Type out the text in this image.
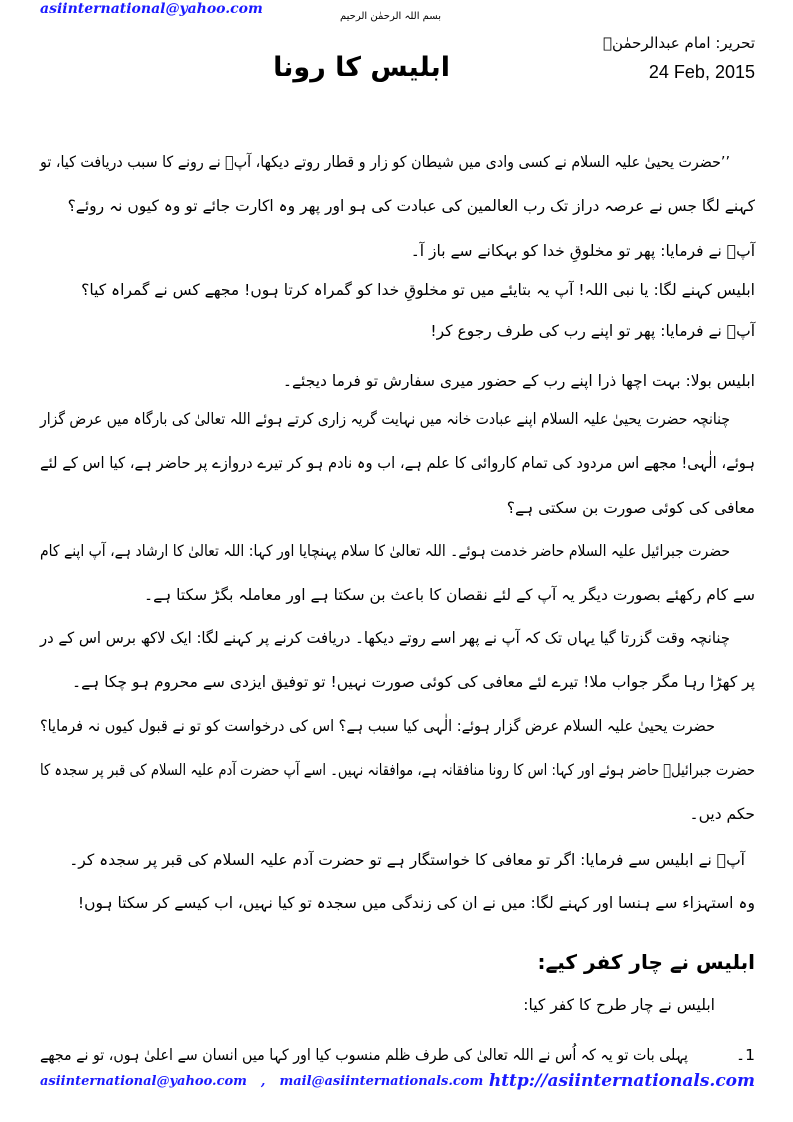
asiinternational@yahoo.com	بسم اللہ الرحمٰن الرحیم
ابلیس کا رونا
تحریر: امام عبدالرحمٰنؒ
24 Feb, 2015
’’حضرت یحییٰ علیہ السلام نے کسی وادی میں شیطان کو زار و قطار روتے دیکھا، آپؑ نے رونے کا سبب دریافت کیا، تو
کہنے لگا جس نے عرصہ دراز تک رب العالمین کی عبادت کی ہو اور پھر وہ اکارت جائے تو وہ کیوں نہ روئے؟
آپؑ نے فرمایا: پھر تو مخلوقِ خدا کو بہکانے سے باز آ۔
ابلیس کہنے لگا: یا نبی اللہ! آپ یہ بتایئے میں تو مخلوقِ خدا کو گمراہ کرتا ہوں! مجھے کس نے گمراہ کیا؟
آپؑ نے فرمایا: پھر تو اپنے رب کی طرف رجوع کر!
ابلیس بولا: بہت اچھا ذرا اپنے رب کے حضور میری سفارش تو فرما دیجئے۔
چنانچہ حضرت یحییٰ علیہ السلام اپنے عبادت خانہ میں نہایت گریہ زاری کرتے ہوئے اللہ تعالیٰ کی بارگاہ میں عرض گزار
ہوئے، الٰہی! مجھے اس مردود کی تمام کاروائی کا علم ہے، اب وہ نادم ہو کر تیرے دروازے پر حاضر ہے، کیا اس کے لئے
معافی کی کوئی صورت بن سکتی ہے؟
حضرت جبرائیل علیہ السلام حاضر خدمت ہوئے۔ اللہ تعالیٰ کا سلام پہنچایا اور کہا: اللہ تعالیٰ کا ارشاد ہے، آپ اپنے کام
سے کام رکھئے بصورت دیگر یہ آپ کے لئے نقصان کا باعث بن سکتا ہے اور معاملہ بگڑ سکتا ہے۔
چنانچہ وقت گزرتا گیا یہاں تک کہ آپ نے پھر اسے روتے دیکھا۔ دریافت کرنے پر کہنے لگا: ایک لاکھ برس اس کے در
پر کھڑا رہا مگر جواب ملا! تیرے لئے معافی کی کوئی صورت نہیں! تو توفیق ایزدی سے محروم ہو چکا ہے۔
حضرت یحییٰ علیہ السلام عرض گزار ہوئے: الٰہی کیا سبب ہے؟ اس کی درخواست کو تو نے قبول کیوں نہ فرمایا؟
حضرت جبرائیلؑ حاضر ہوئے اور کہا: اس کا رونا منافقانہ ہے، موافقانہ نہیں۔ اسے آپ حضرت آدم علیہ السلام کی قبر پر سجدہ کا
حکم دیں۔
آپؑ نے ابلیس سے فرمایا: اگر تو معافی کا خواستگار ہے تو حضرت آدم علیہ السلام کی قبر پر سجدہ کر۔
وہ استہزاء سے ہنسا اور کہنے لگا: میں نے ان کی زندگی میں سجدہ تو کیا نہیں، اب کیسے کر سکتا ہوں!
ابلیس نے چار کفر کیے:
ابلیس نے چار طرح کا کفر کیا:
1۔
پہلی بات تو یہ کہ اُس نے اللہ تعالیٰ کی طرف ظلم منسوب کیا اور کہا میں انسان سے اعلیٰ ہوں، تو نے مجھے
asiinternational@yahoo.com , mail@asiinternationals.com http://asiinternationals.com
